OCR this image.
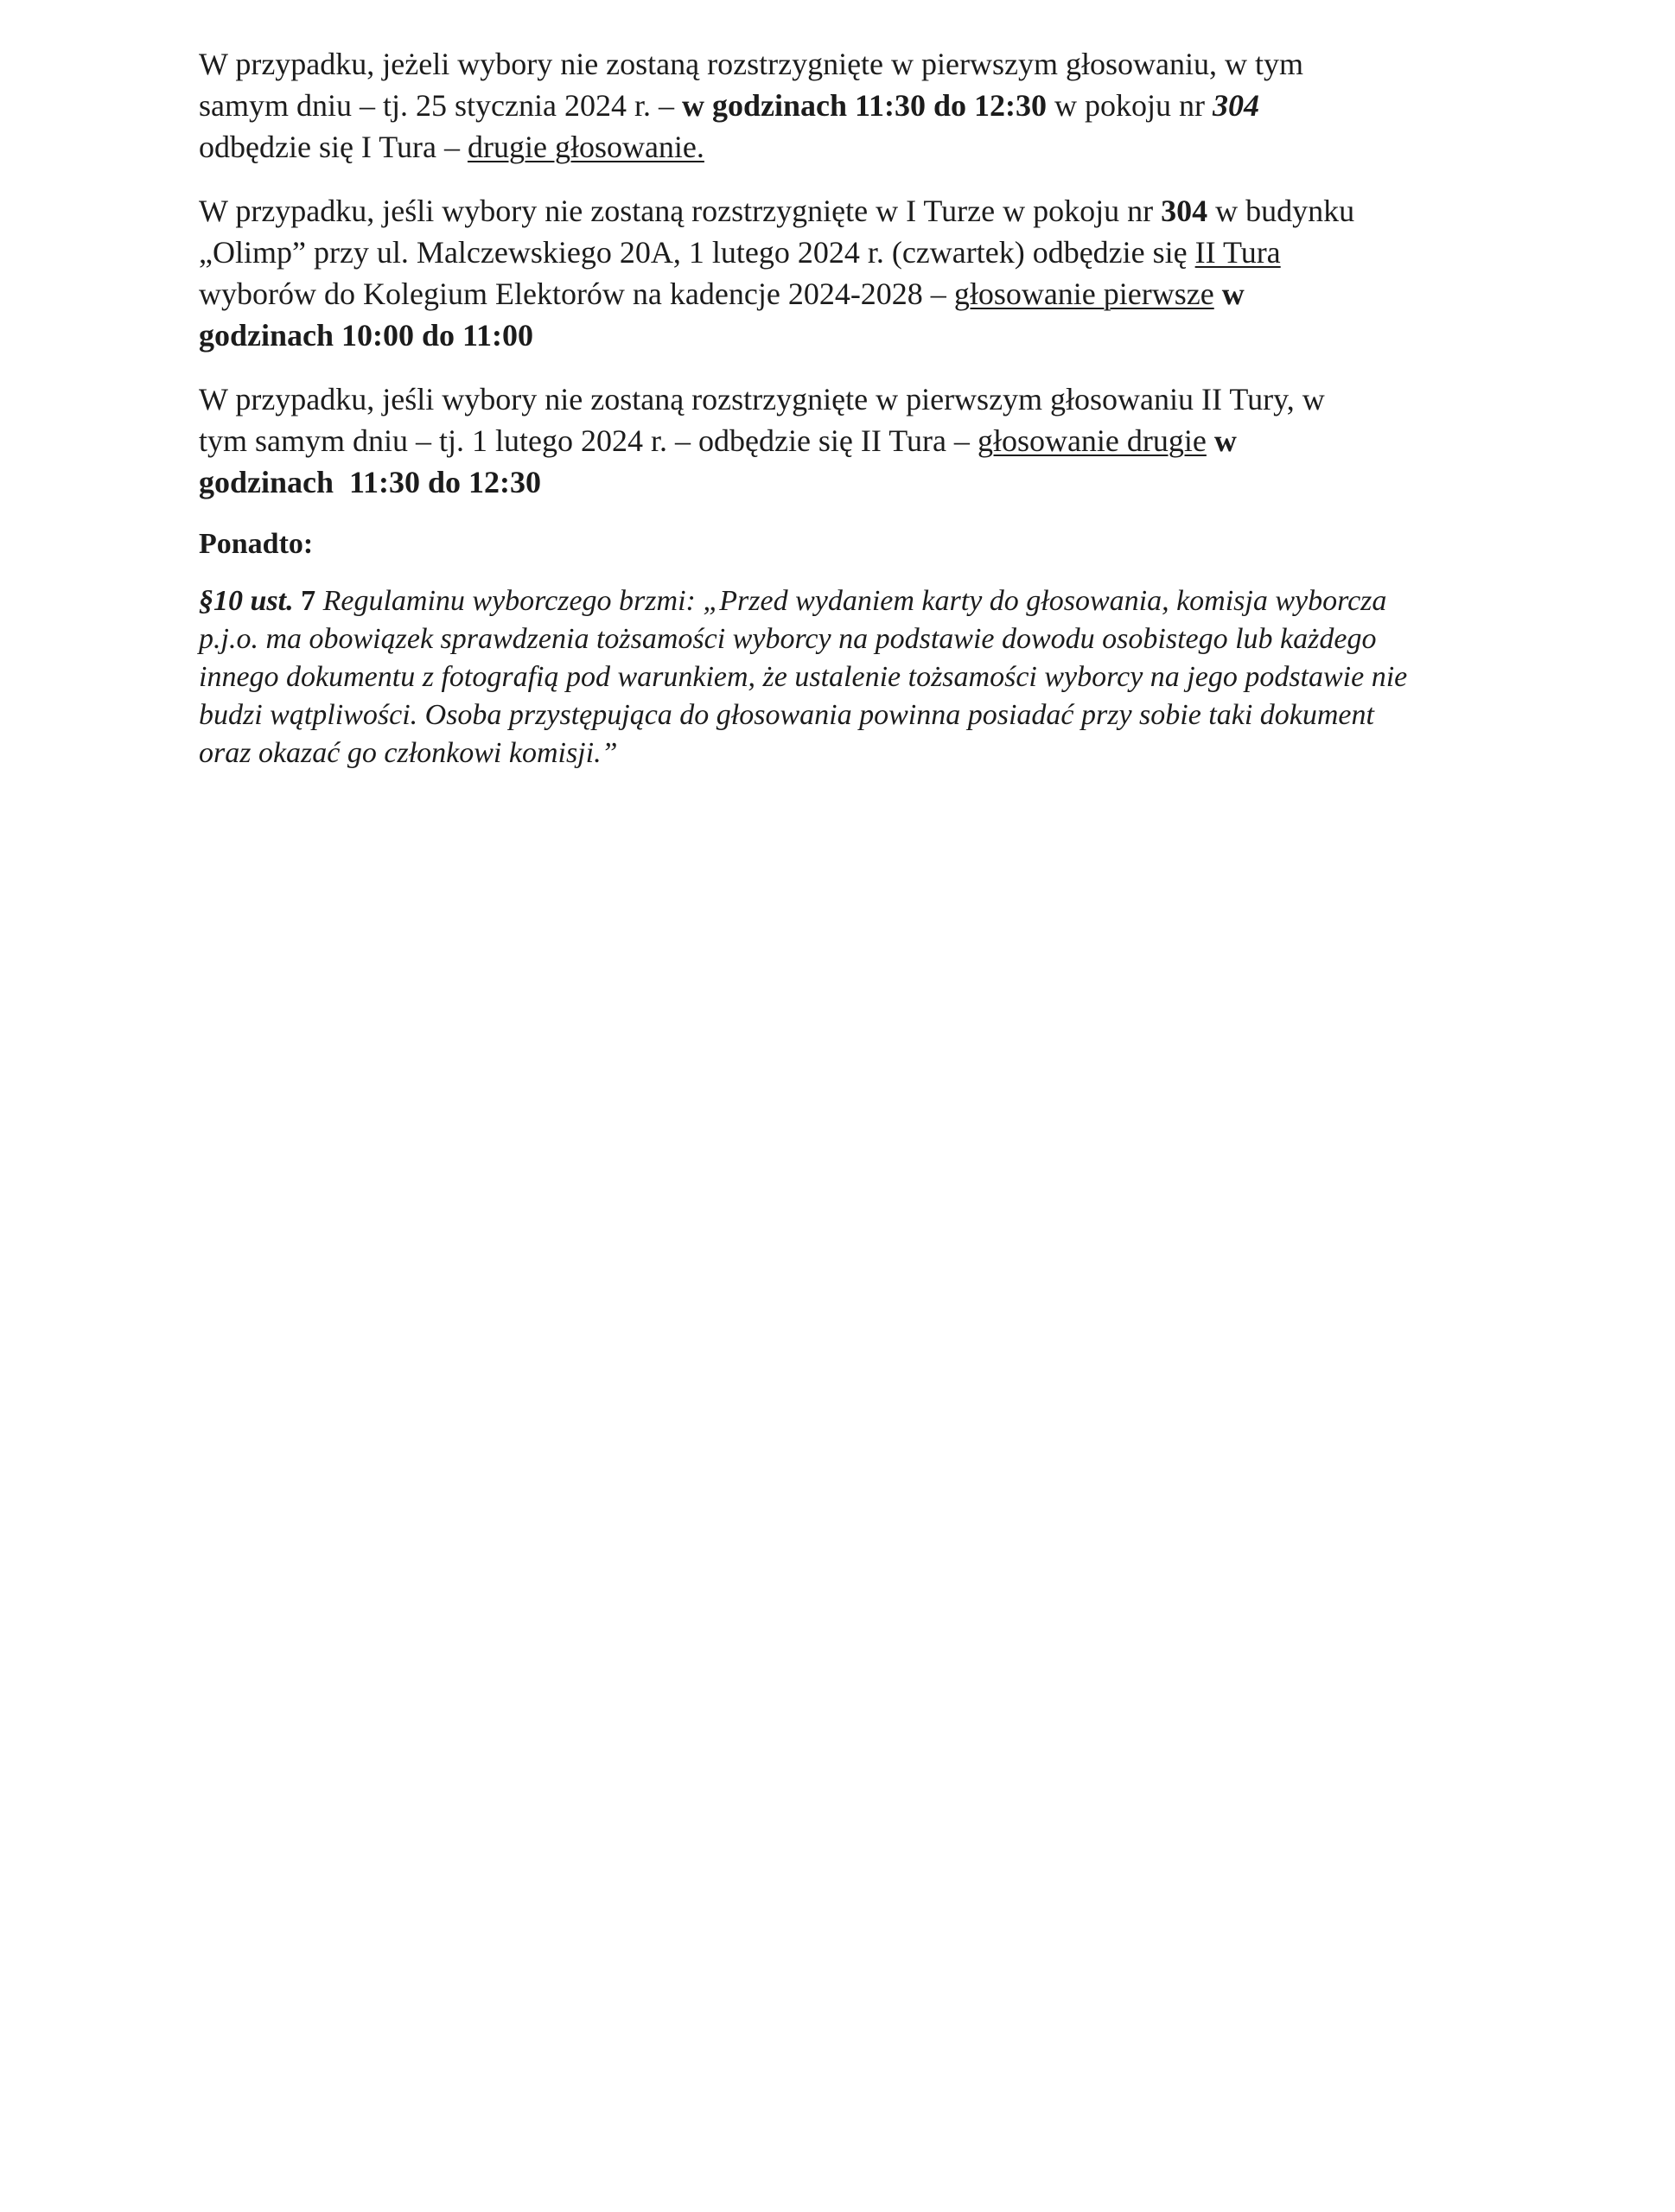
W przypadku, jeżeli wybory nie zostaną rozstrzygnięte w pierwszym głosowaniu, w tym
samym dniu – tj. 25 stycznia 2024 r. – w godzinach 11:30 do 12:30 w pokoju nr 304
odbędzie się I Tura – drugie głosowanie.

W przypadku, jeśli wybory nie zostaną rozstrzygnięte w I Turze w pokoju nr 304 w budynku
„Olimp” przy ul. Malczewskiego 20A, 1 lutego 2024 r. (czwartek) odbędzie się II Tura
wyborów do Kolegium Elektorów na kadencje 2024-2028 – głosowanie pierwsze w
godzinach 10:00 do 11:00

W przypadku, jeśli wybory nie zostaną rozstrzygnięte w pierwszym głosowaniu II Tury, w
tym samym dniu – tj. 1 lutego 2024 r. – odbędzie się II Tura – głosowanie drugie w
godzinach  11:30 do 12:30

Ponadto:

§10 ust. 7 Regulaminu wyborczego brzmi: „Przed wydaniem karty do głosowania, komisja wyborcza
p.j.o. ma obowiązek sprawdzenia tożsamości wyborcy na podstawie dowodu osobistego lub każdego
innego dokumentu z fotografią pod warunkiem, że ustalenie tożsamości wyborcy na jego podstawie nie
budzi wątpliwości. Osoba przystępująca do głosowania powinna posiadać przy sobie taki dokument
oraz okazać go członkowi komisji.”
